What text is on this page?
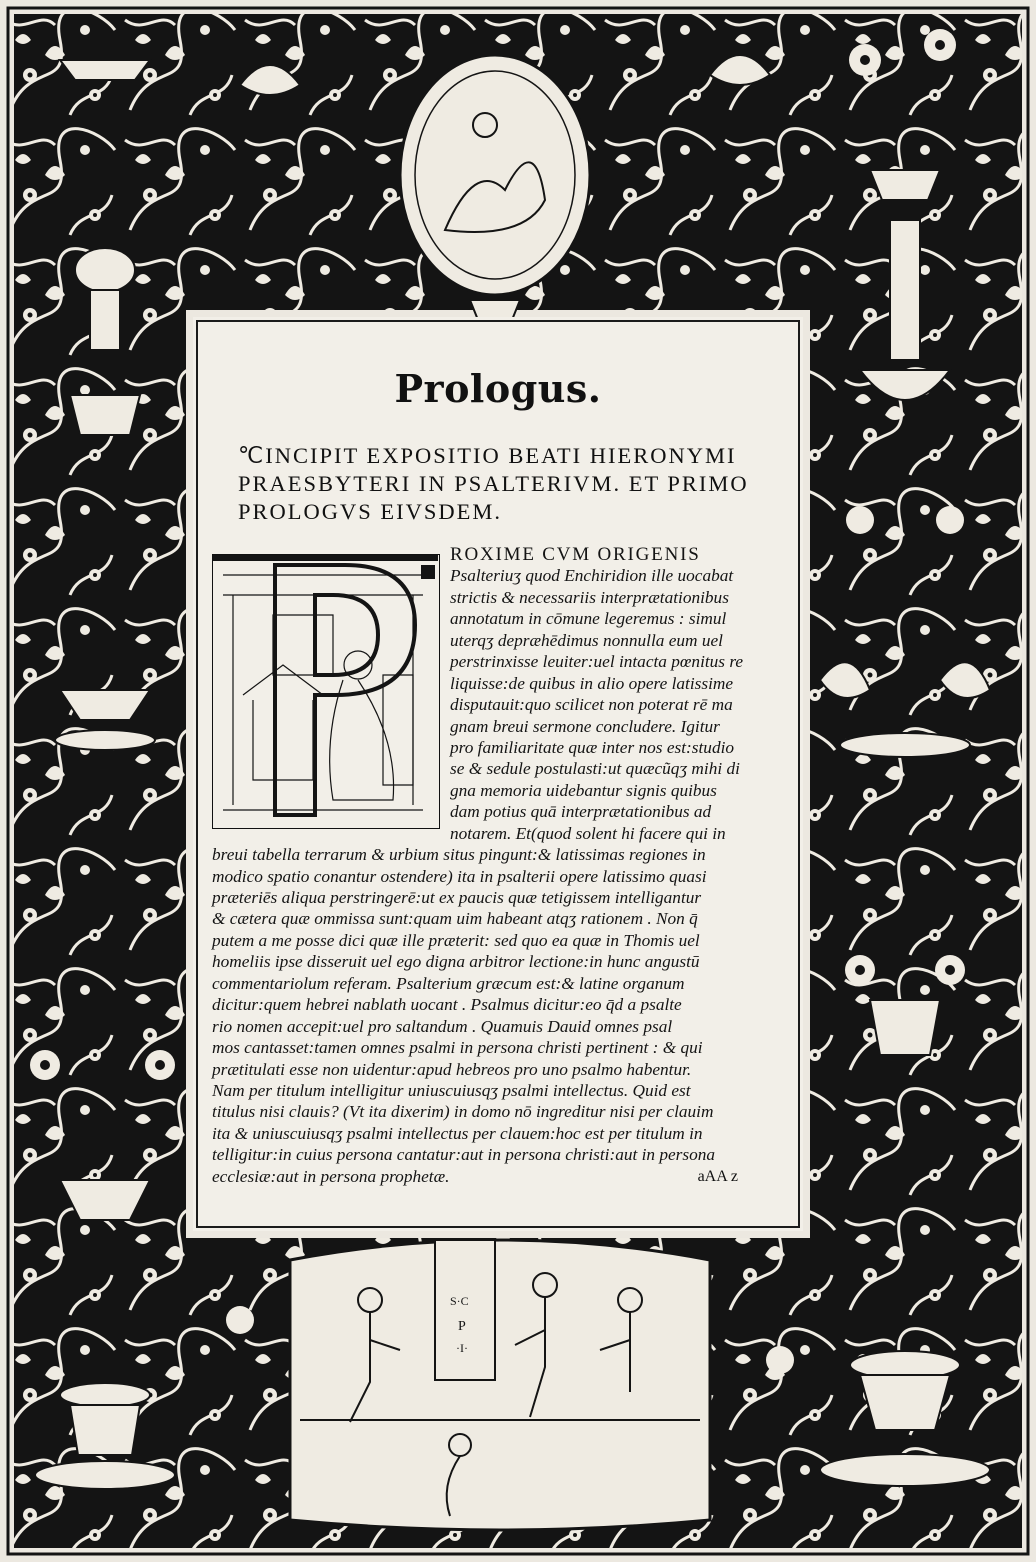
S·C
P
·I·
Prologus.
℃INCIPIT EXPOSITIO BEATI HIERONYMI
PRAESBYTERI IN PSALTERIVM. ET PRIMO
PROLOGVS EIVSDEM.
ROXIME CVM ORIGENIS
Psalteriuʒ quod Enchiridion ille uocabat
strictis & necessariis interprætationibus
annotatum in cōmune legeremus : simul
uterqʒ depræhēdimus nonnulla eum uel
perstrinxisse leuiter:uel intacta pœnitus re
liquisse:de quibus in alio opere latissime
disputauit:quo scilicet non poterat rē ma
gnam breui sermone concludere. Igitur
pro familiaritate quæ inter nos est:studio
se & sedule postulasti:ut quæcũqʒ mihi di
gna memoria uidebantur signis quibus
dam potius quā interprætationibus ad
notarem. Et(quod solent hi facere qui in
breui tabella terrarum & urbium situs pingunt:& latissimas regiones in
modico spatio conantur ostendere) ita in psalterii opere latissimo quasi
præteriēs aliqua perstringerē:ut ex paucis quæ tetigissem intelligantur
& cætera quæ ommissa sunt:quam uim habeant atqʒ rationem . Non q̄
putem a me posse dici quæ ille præterit: sed quo ea quæ in Thomis uel
homeliis ipse disseruit uel ego digna arbitror lectione:in hunc angustū
commentariolum referam. Psalterium græcum est:& latine organum
dicitur:quem hebrei nablath uocant . Psalmus dicitur:eo q̄d a psalte
rio nomen accepit:uel pro saltandum . Quamuis Dauid omnes psal
mos cantasset:tamen omnes psalmi in persona christi pertinent : & qui
prætitulati esse non uidentur:apud hebreos pro uno psalmo habentur.
Nam per titulum intelligitur uniuscuiusqʒ psalmi intellectus. Quid est
titulus nisi clauis? (Vt ita dixerim) in domo nō ingreditur nisi per clauim
ita & uniuscuiusqʒ psalmi intellectus per clauem:hoc est per titulum in
telligitur:in cuius persona cantatur:aut in persona christi:aut in persona
ecclesiæ:aut in persona prophetæ.	aAA z
